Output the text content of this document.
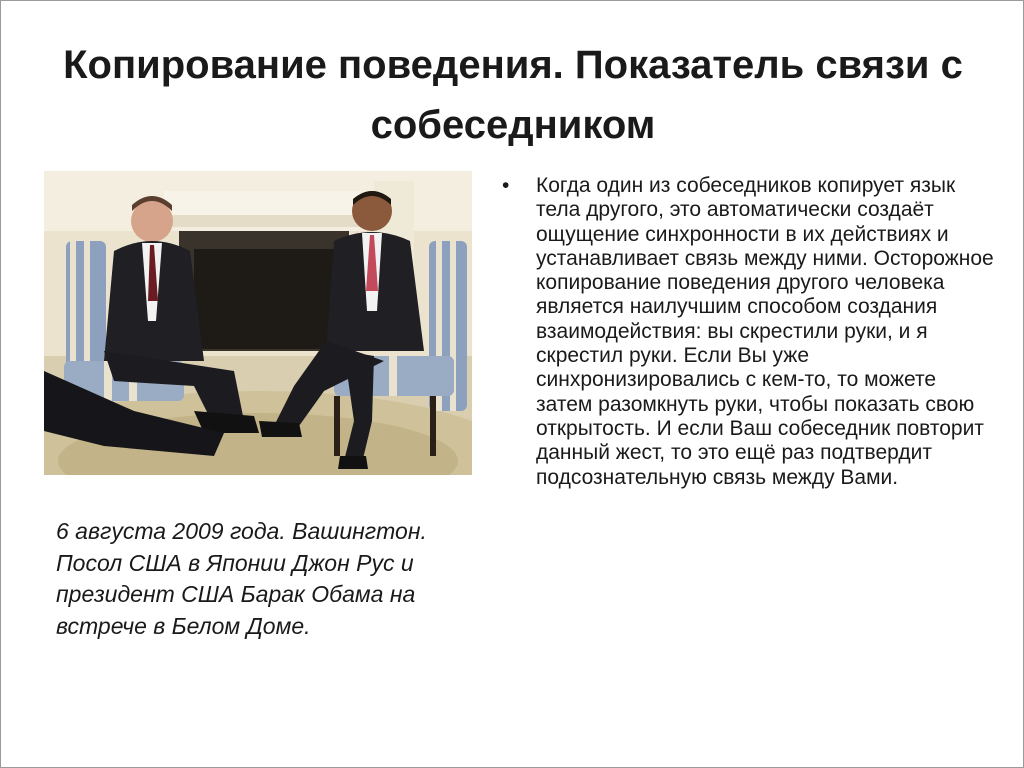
Копирование поведения. Показатель связи с собеседником

6 августа 2009 года. Вашингтон. Посол США в Японии Джон Рус и президент США Барак Обама на встрече в Белом Доме.

• Когда один из собеседников копирует язык тела другого, это автоматически создаёт ощущение синхронности в их действиях и устанавливает связь между ними. Осторожное копирование поведения другого человека является наилучшим способом создания взаимодействия: вы скрестили руки, и я скрестил руки. Если Вы уже синхронизировались с кем-то, то можете затем разомкнуть руки, чтобы показать свою открытость. И если Ваш собеседник повторит данный жест, то это ещё раз подтвердит подсознательную связь между Вами.
